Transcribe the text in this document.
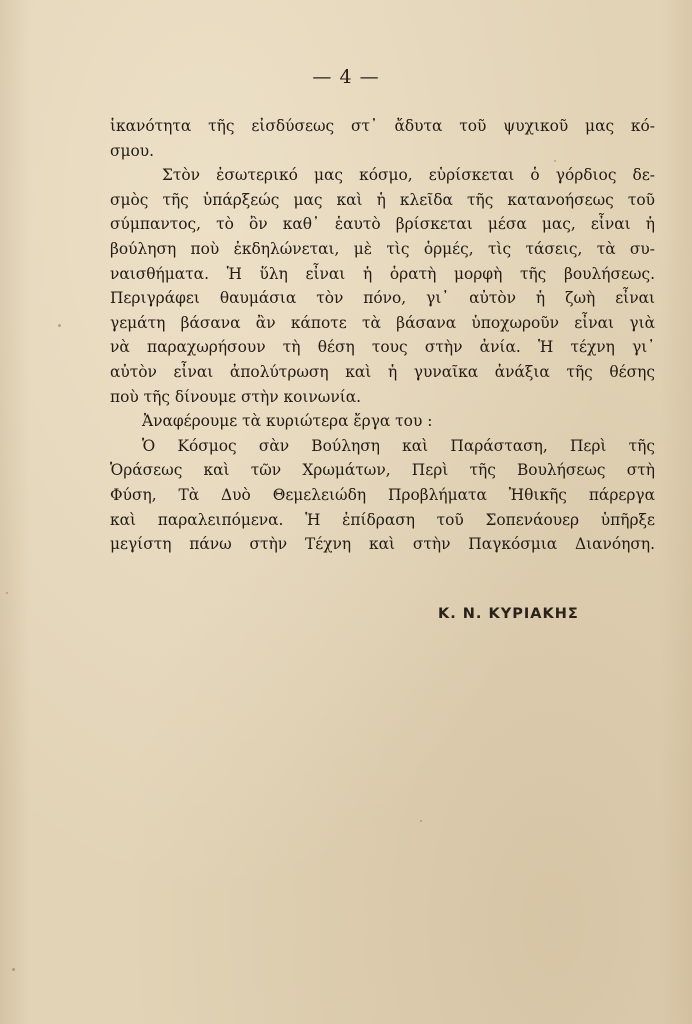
— 4 —
ἱκανότητα τῆς εἰσδύσεως στ᾽ ἄδυτα τοῦ ψυχικοῦ μας κό-
σμου.
Στὸν ἐσωτερικό μας κόσμο, εὑρίσκεται ὁ γόρδιος δε-
σμὸς τῆς ὑπάρξεώς μας καὶ ἡ κλεῖδα τῆς κατανοήσεως τοῦ
σύμπαντος, τὸ ὂν καθ᾽ ἑαυτὸ βρίσκεται μέσα μας, εἶναι ἡ
βούληση ποὺ ἐκδηλώνεται, μὲ τὶς ὁρμές, τὶς τάσεις, τὰ συ-
ναισθήματα. Ἡ ὕλη εἶναι ἡ ὁρατὴ μορφὴ τῆς βουλήσεως.
Περιγράφει θαυμάσια τὸν πόνο, γι᾽ αὐτὸν ἡ ζωὴ εἶναι
γεμάτη βάσανα ἂν κάποτε τὰ βάσανα ὑποχωροῦν εἶναι γιὰ
νὰ παραχωρήσουν τὴ θέση τους στὴν ἀνία. Ἡ τέχνη γι᾽
αὐτὸν εἶναι ἀπολύτρωση καὶ ἡ γυναῖκα ἀνάξια τῆς θέσης
ποὺ τῆς δίνουμε στὴν κοινωνία.
Ἀναφέρουμε τὰ κυριώτερα ἔργα του :
Ὁ Κόσμος σὰν Βούληση καὶ Παράσταση, Περὶ τῆς
Ὁράσεως καὶ τῶν Χρωμάτων, Περὶ τῆς Βουλήσεως στὴ
Φύση, Τὰ Δυὸ Θεμελειώδη Προβλήματα Ἠθικῆς πάρεργα
καὶ παραλειπόμενα. Ἡ ἐπίδραση τοῦ Σοπενάουερ ὑπῆρξε
μεγίστη πάνω στὴν Τέχνη καὶ στὴν Παγκόσμια Διανόηση.
Κ. Ν. ΚΥΡΙΑΚΗΣ
